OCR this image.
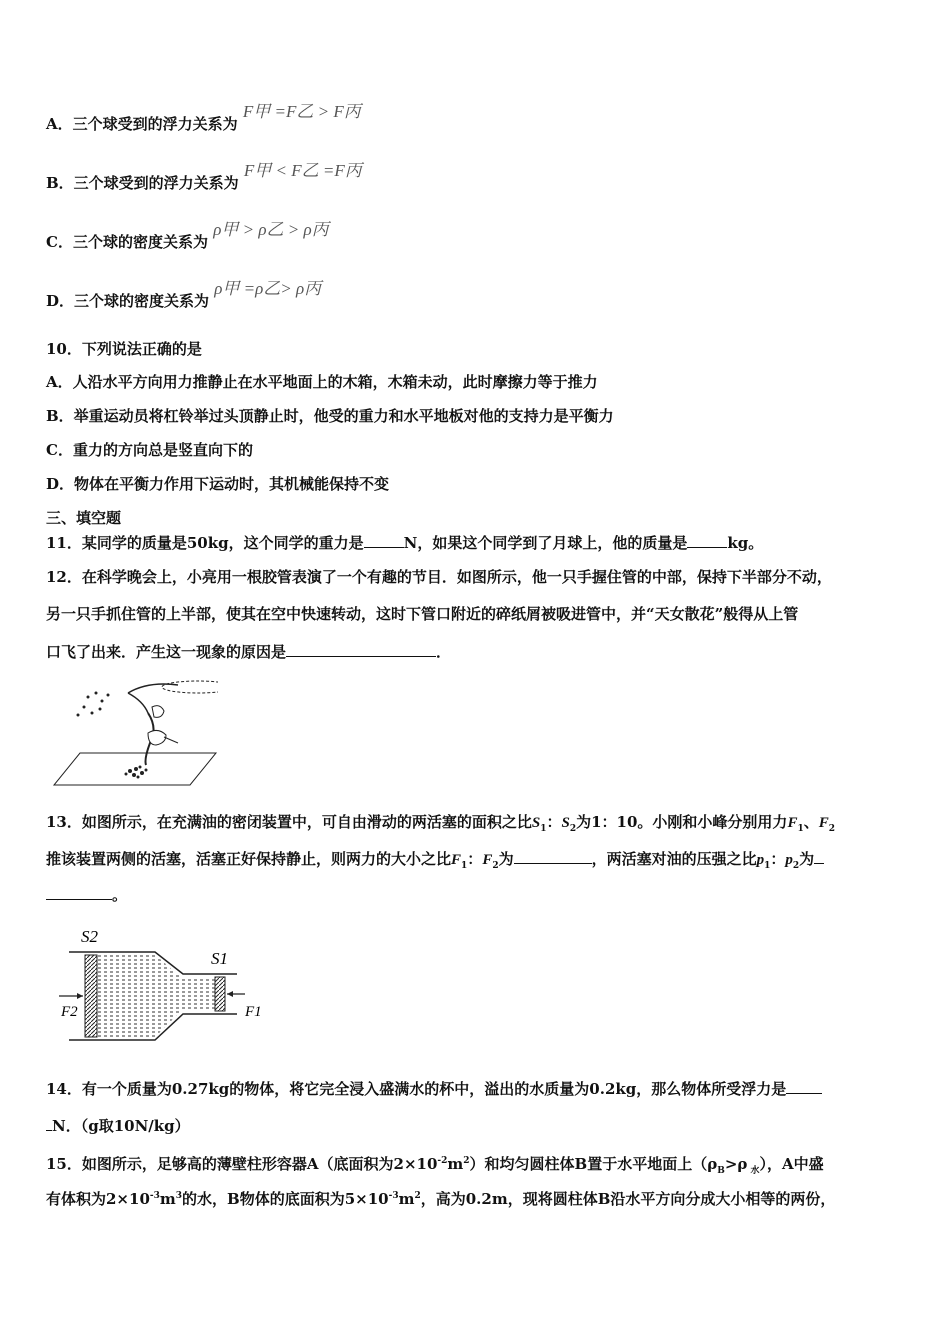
A．三个球受到的浮力关系为 F甲 =F乙 > F丙
B．三个球受到的浮力关系为 F甲 < F乙 =F丙
C．三个球的密度关系为 ρ甲 > ρ乙 > ρ丙
D．三个球的密度关系为 ρ甲 =ρ乙> ρ丙
10．下列说法正确的是
A．人沿水平方向用力推静止在水平地面上的木箱，木箱未动，此时摩擦力等于推力
B．举重运动员将杠铃举过头顶静止时，他受的重力和水平地板对他的支持力是平衡力
C．重力的方向总是竖直向下的
D．物体在平衡力作用下运动时，其机械能保持不变
三、填空题
11．某同学的质量是50kg，这个同学的重力是	N，如果这个同学到了月球上，他的质量是	kg。
12．在科学晚会上，小亮用一根胶管表演了一个有趣的节目．如图所示，他一只手握住管的中部，保持下半部分不动，
另一只手抓住管的上半部，使其在空中快速转动，这时下管口附近的碎纸屑被吸进管中，并“天女散花”般得从上管
口飞了出来．产生这一现象的原因是	．
13．如图所示，在充满油的密闭装置中，可自由滑动的两活塞的面积之比$S_1$：$S_2$为1：10。小刚和小峰分别用力$F_1$、$F_2$
推该装置两侧的活塞，活塞正好保持静止，则两力的大小之比$F_1$：$F_2$为	，两活塞对油的压强之比$p_1$：$p_2$为
。
S2
S1
F2	F1
14．有一个质量为0.27kg的物体，将它完全浸入盛满水的杯中，溢出的水质量为0.2kg，那么物体所受浮力是
N．（g取10N/kg）
15．如图所示，足够高的薄壁柱形容器A（底面积为$2\times 10^{-2}m^2$）和均匀圆柱体B置于水平地面上（$\rho_B>\rho$ $_水$），A中盛
有体积为$2\times 10^{-3}m^3$的水，B物体的底面积为$5\times 10^{-3}m^2$，高为0.2m，现将圆柱体B沿水平方向分成大小相等的两份，
